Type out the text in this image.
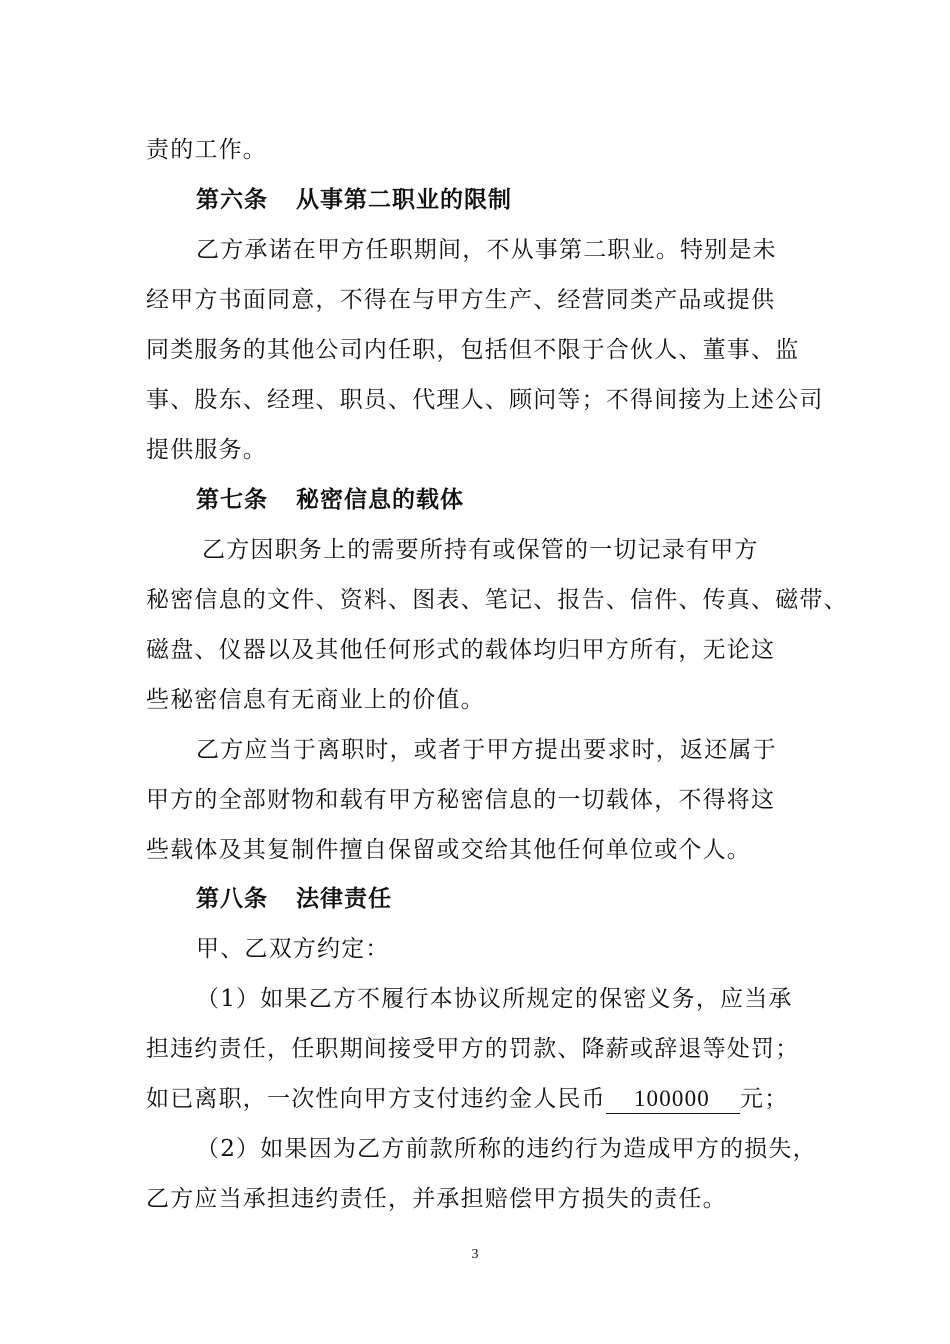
责的工作。
第六条 从事第二职业的限制
乙方承诺在甲方任职期间，不从事第二职业。特别是未
经甲方书面同意，不得在与甲方生产、经营同类产品或提供
同类服务的其他公司内任职，包括但不限于合伙人、董事、监
事、股东、经理、职员、代理人、顾问等；不得间接为上述公司
提供服务。
第七条 秘密信息的载体
乙方因职务上的需要所持有或保管的一切记录有甲方
秘密信息的文件、资料、图表、笔记、报告、信件、传真、磁带、
磁盘、仪器以及其他任何形式的载体均归甲方所有，无论这
些秘密信息有无商业上的价值。
乙方应当于离职时，或者于甲方提出要求时，返还属于
甲方的全部财物和载有甲方秘密信息的一切载体，不得将这
些载体及其复制件擅自保留或交给其他任何单位或个人。
第八条 法律责任
甲、乙双方约定：
（1）如果乙方不履行本协议所规定的保密义务，应当承
担违约责任，任职期间接受甲方的罚款、降薪或辞退等处罚；
如已离职，一次性向甲方支付违约金人民币 100000 元；
（2）如果因为乙方前款所称的违约行为造成甲方的损失，
乙方应当承担违约责任，并承担赔偿甲方损失的责任。
3
